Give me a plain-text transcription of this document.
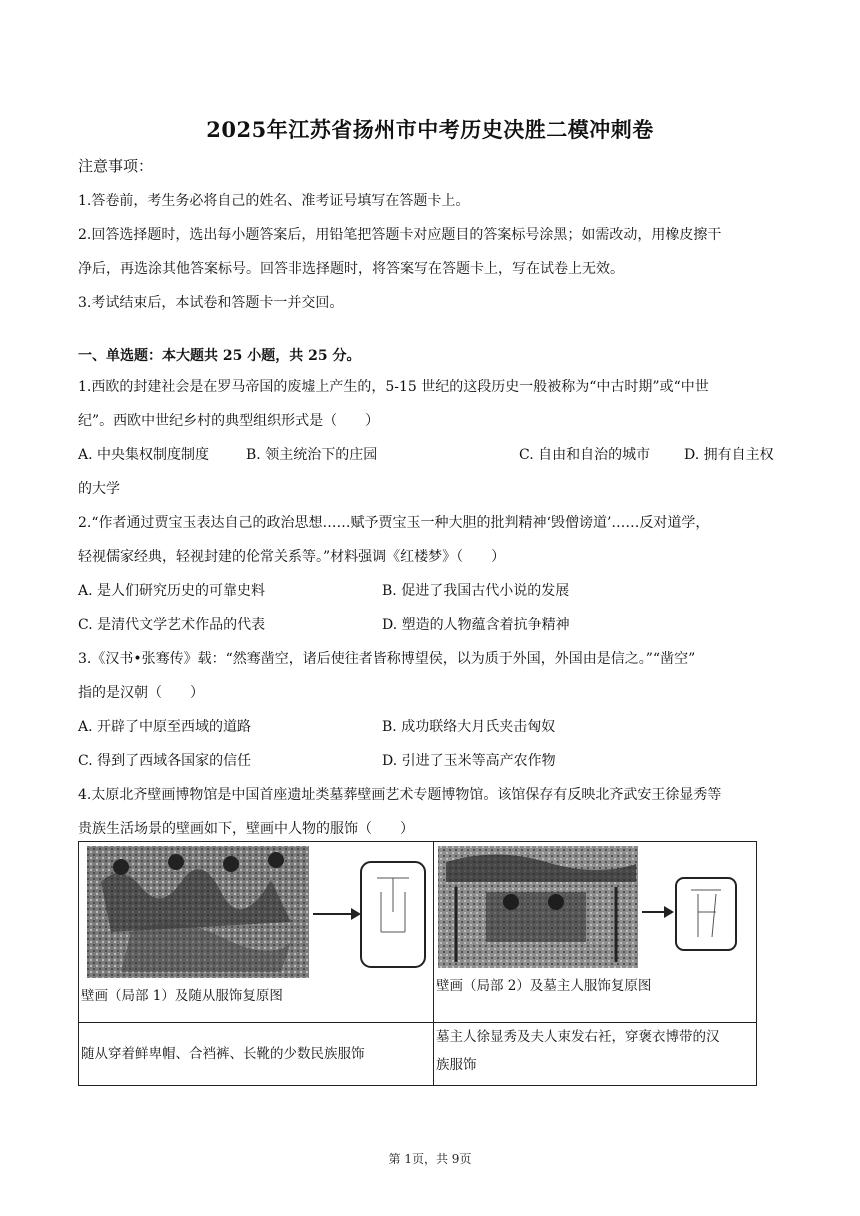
2025年江苏省扬州市中考历史决胜二模冲刺卷
注意事项：
1.答卷前，考生务必将自己的姓名、准考证号填写在答题卡上。
2.回答选择题时，选出每小题答案后，用铅笔把答题卡对应题目的答案标号涂黑；如需改动，用橡皮擦干
净后，再选涂其他答案标号。回答非选择题时，将答案写在答题卡上，写在试卷上无效。
3.考试结束后，本试卷和答题卡一并交回。
一、单选题：本大题共 25 小题，共 25 分。
1.西欧的封建社会是在罗马帝国的废墟上产生的，5-15 世纪的这段历史一般被称为“中古时期”或“中世
纪”。西欧中世纪乡村的典型组织形式是（　　）
A. 中央集权制度制度	B. 领主统治下的庄园	C. 自由和自治的城市 D. 拥有自主权
的大学
2.“作者通过贾宝玉表达自己的政治思想……赋予贾宝玉一种大胆的批判精神‘毁僧谤道’……反对道学，
轻视儒家经典，轻视封建的伦常关系等。”材料强调《红楼梦》（　　）
A. 是人们研究历史的可靠史料	B. 促进了我国古代小说的发展
C. 是清代文学艺术作品的代表	D. 塑造的人物蕴含着抗争精神
3.《汉书•张骞传》载：“然骞凿空，诸后使往者皆称博望侯，以为质于外国，外国由是信之。”“凿空”
指的是汉朝（　　）
A. 开辟了中原至西域的道路	B. 成功联络大月氏夹击匈奴
C. 得到了西域各国家的信任	D. 引进了玉米等高产农作物
4.太原北齐壁画博物馆是中国首座遗址类墓葬壁画艺术专题博物馆。该馆保存有反映北齐武安王徐显秀等
贵族生活场景的壁画如下，壁画中人物的服饰（　　）
壁画（局部 1）及随从服饰复原图	壁画（局部 2）及墓主人服饰复原图

随从穿着鲜卑帽、合裆裤、长靴的少数民族服饰	墓主人徐显秀及夫人束发右衽，穿褒衣博带的汉
族服饰
第 1页，共 9页
